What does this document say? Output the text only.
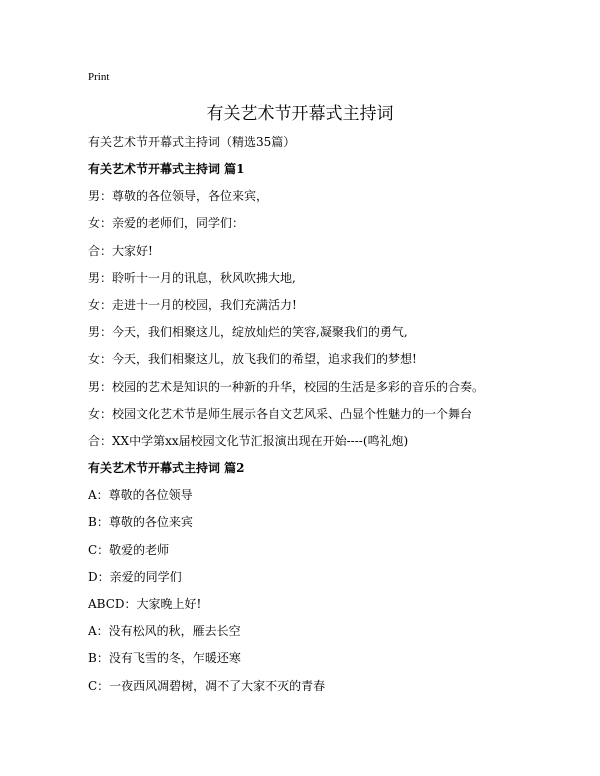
Print
有关艺术节开幕式主持词
有关艺术节开幕式主持词（精选35篇）
有关艺术节开幕式主持词 篇1
男：尊敬的各位领导，各位来宾，
女：亲爱的老师们，同学们：
合：大家好!
男：聆听十一月的讯息，秋风吹拂大地,
女：走进十一月的校园，我们充满活力!
男：今天，我们相聚这儿，绽放灿烂的笑容,凝聚我们的勇气,
女：今天，我们相聚这儿，放飞我们的希望，追求我们的梦想!
男：校园的艺术是知识的一种新的升华，校园的生活是多彩的音乐的合奏。
女：校园文化艺术节是师生展示各自文艺风采、凸显个性魅力的一个舞台
合：XX中学第xx届校园文化节汇报演出现在开始----(鸣礼炮)
有关艺术节开幕式主持词 篇2
A：尊敬的各位领导
B：尊敬的各位来宾
C：敬爱的老师
D：亲爱的同学们
ABCD：大家晚上好!
A：没有松风的秋，雁去长空
B：没有飞雪的冬，乍暖还寒
C：一夜西风凋碧树，凋不了大家不灭的青春
